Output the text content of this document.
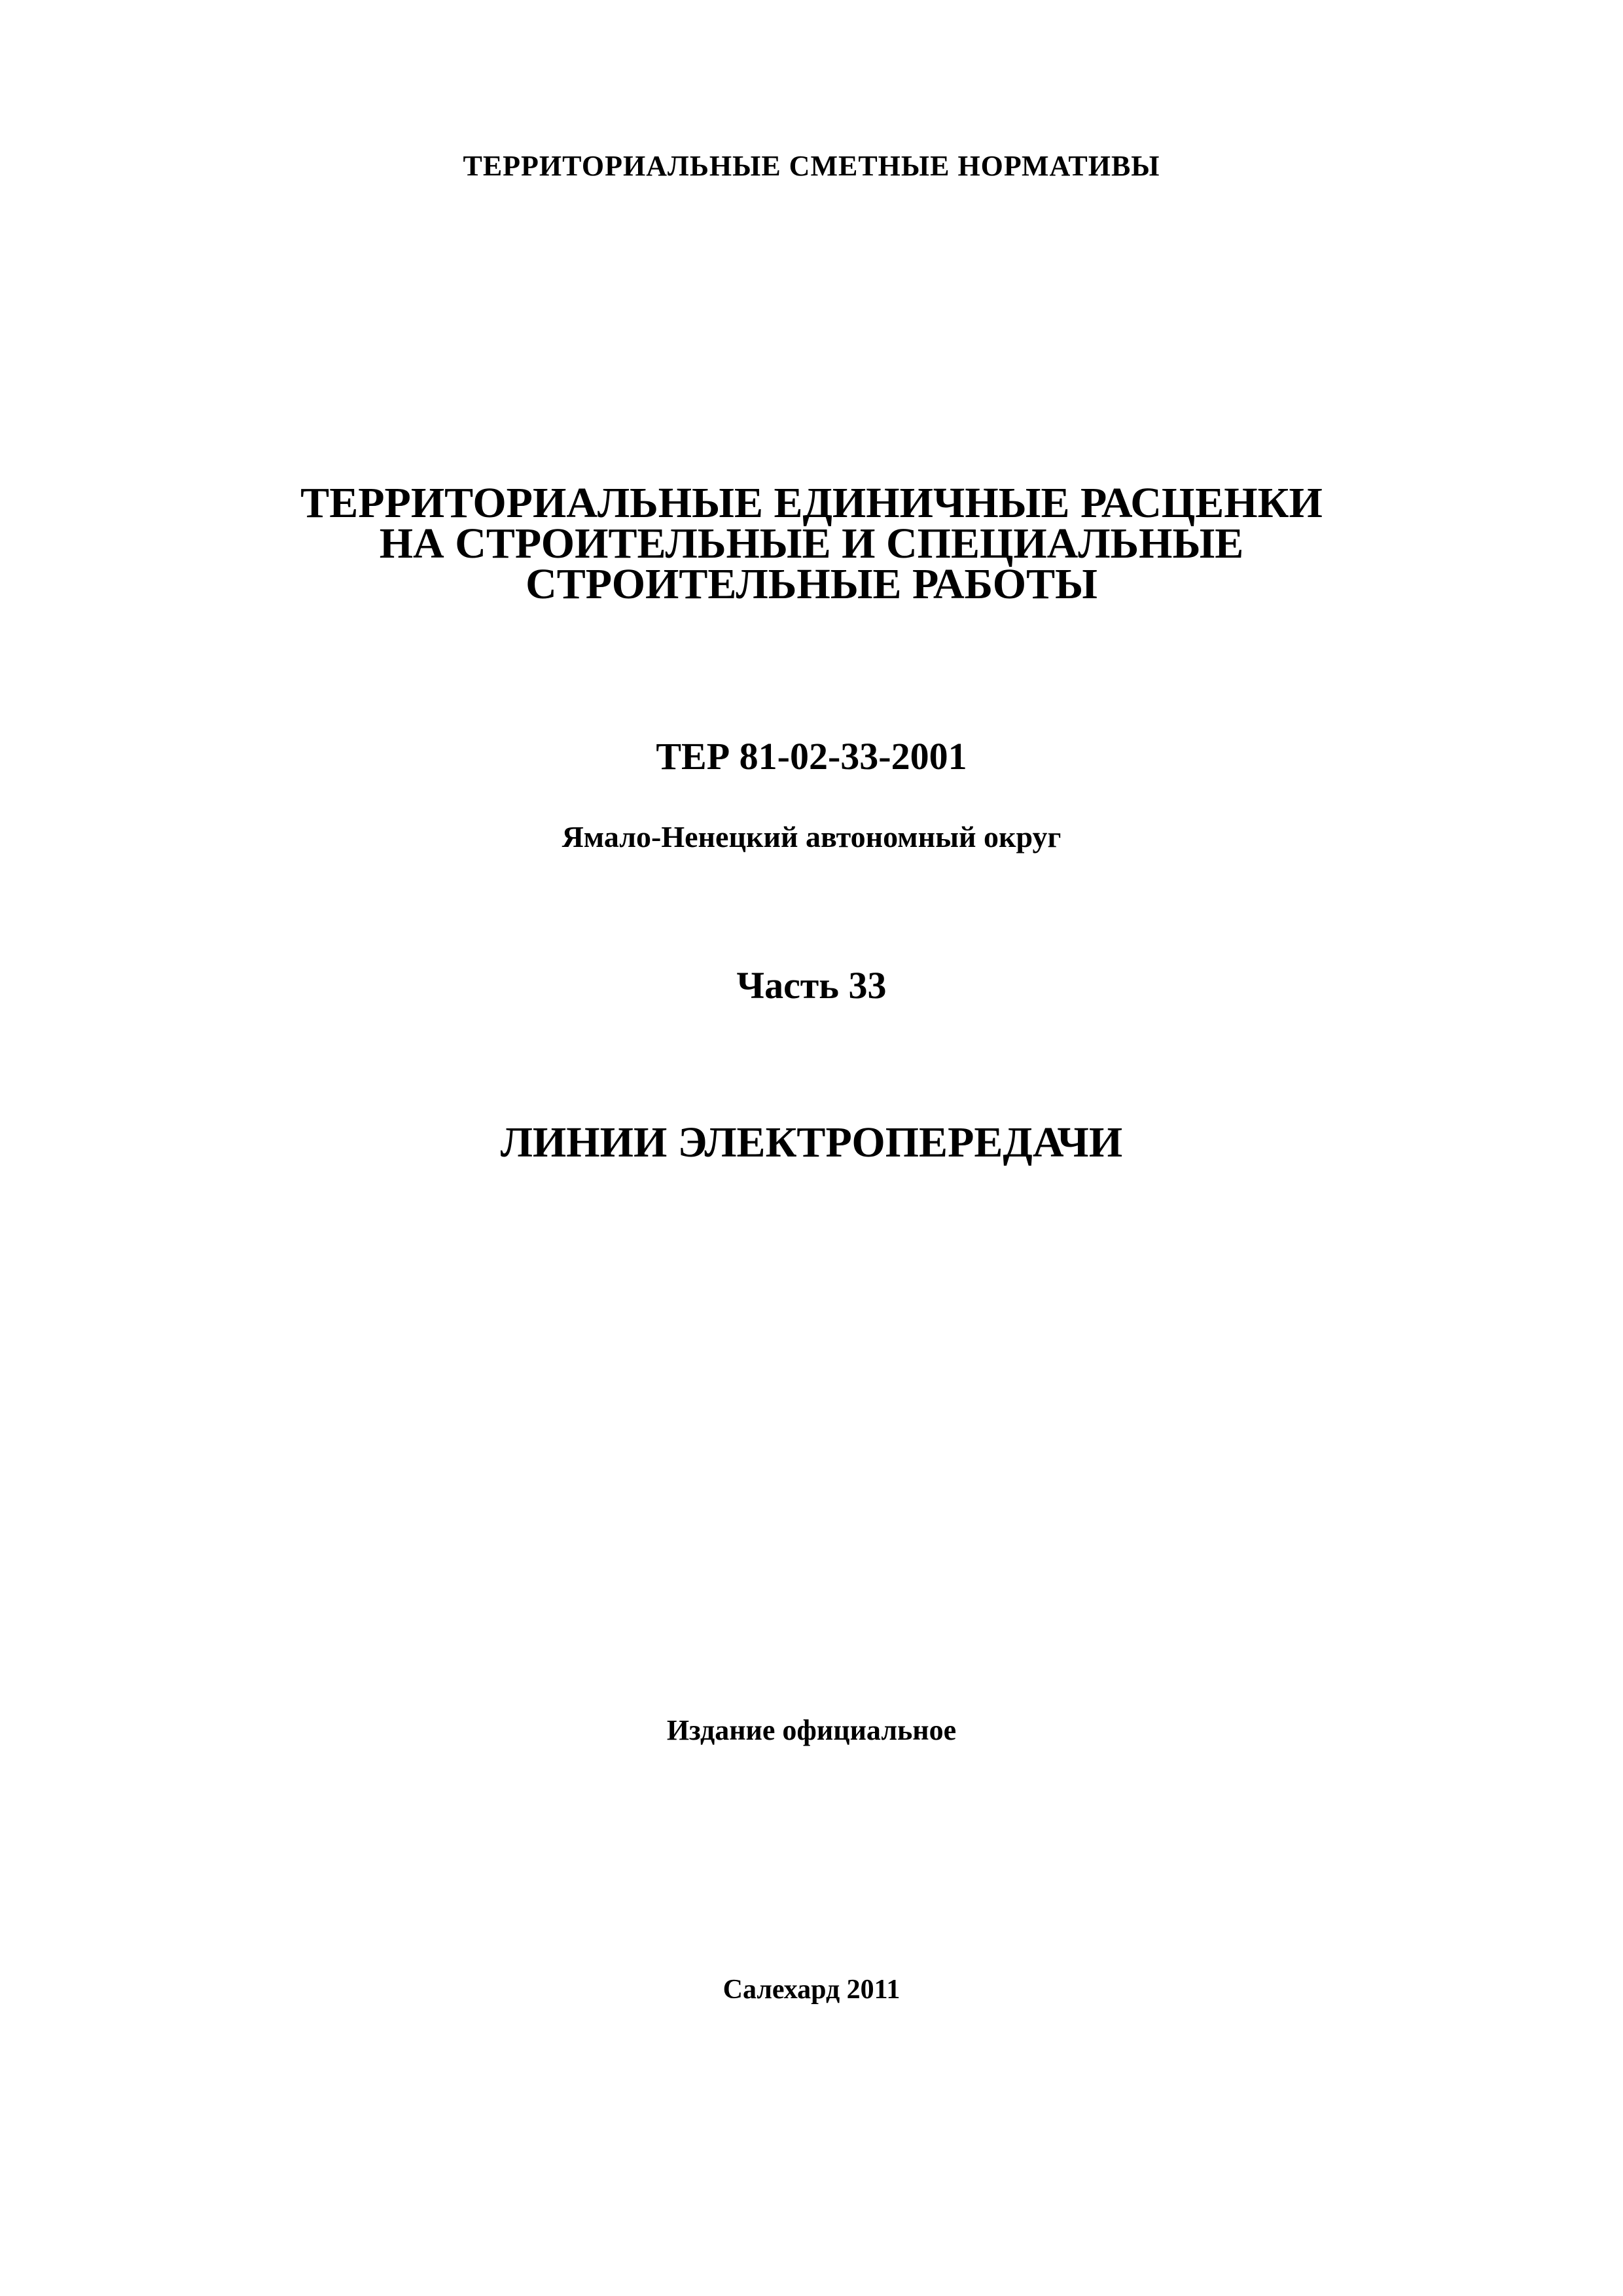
ТЕРРИТОРИАЛЬНЫЕ СМЕТНЫЕ НОРМАТИВЫ
ТЕРРИТОРИАЛЬНЫЕ ЕДИНИЧНЫЕ РАСЦЕНКИ
НА СТРОИТЕЛЬНЫЕ И СПЕЦИАЛЬНЫЕ
СТРОИТЕЛЬНЫЕ РАБОТЫ
ТЕР 81-02-33-2001
Ямало-Ненецкий автономный округ
Часть 33
ЛИНИИ ЭЛЕКТРОПЕРЕДАЧИ
Издание официальное
Салехард 2011
